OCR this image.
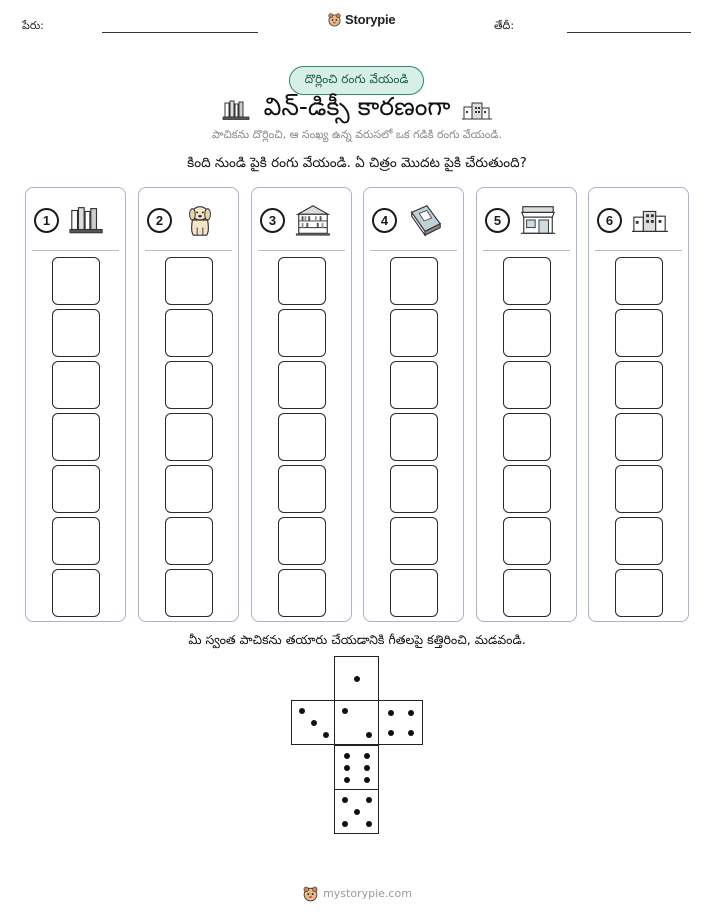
పేరు:	Storypie	తేదీ:
దొర్లించి రంగు వేయండి
విన్-డిక్సీ కారణంగా
పాచికను దొర్లించి, ఆ సంఖ్య ఉన్న వరుసలో ఒక గడికి రంగు వేయండి.
కింది నుండి పైకి రంగు వేయండి. ఏ చిత్రం మొదట పైకి చేరుతుంది?
1	2	3	4	5	6
మీ స్వంత పాచికను తయారు చేయడానికి గీతలపై కత్తిరించి, మడవండి.
mystorypie.com
